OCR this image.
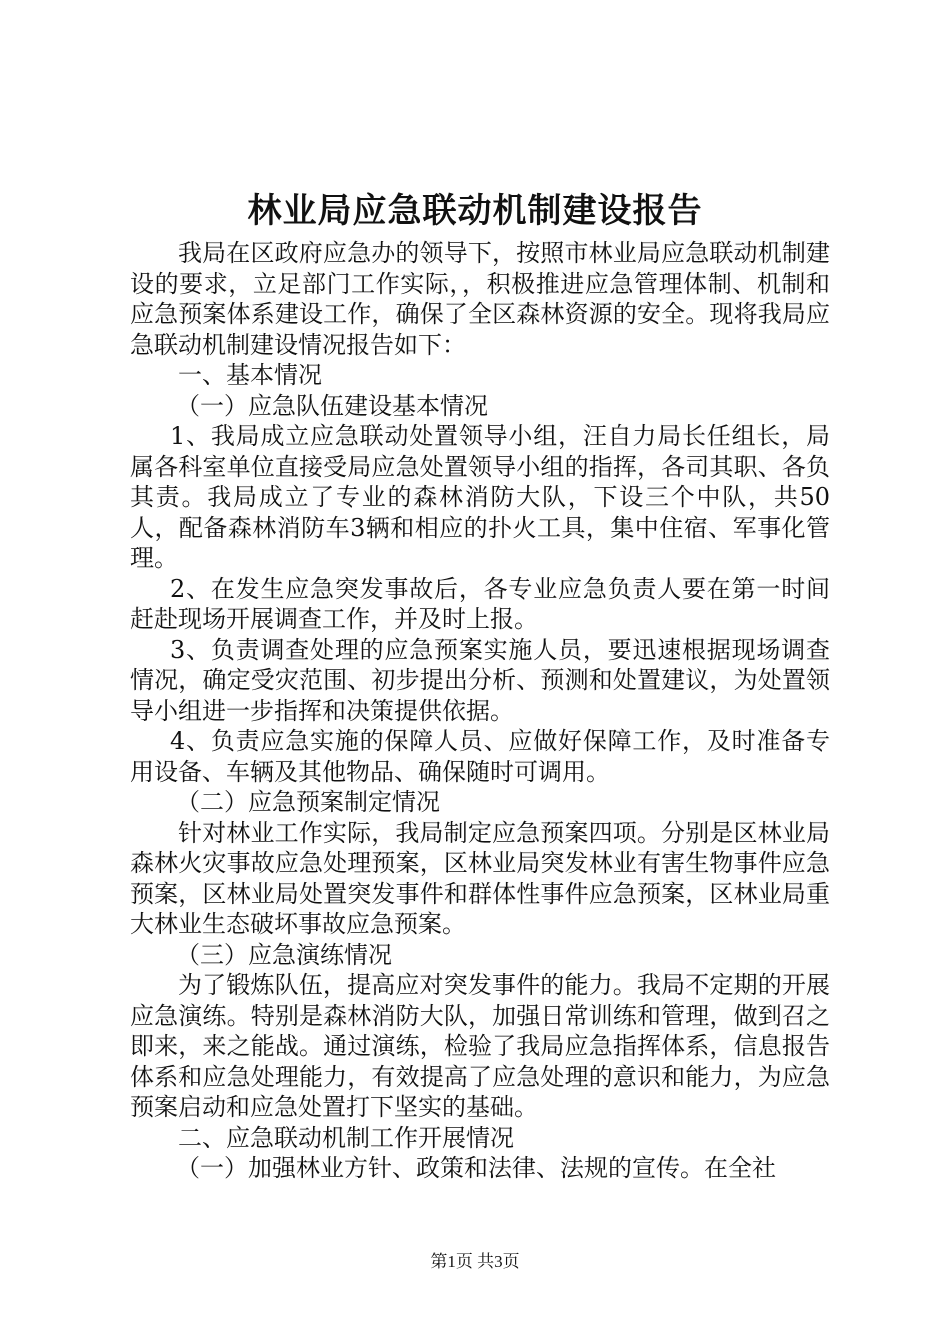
林业局应急联动机制建设报告

我局在区政府应急办的领导下，按照市林业局应急联动机制建设的要求，立足部门工作实际，，积极推进应急管理体制、机制和应急预案体系建设工作，确保了全区森林资源的安全。现将我局应急联动机制建设情况报告如下：

一、基本情况

（一）应急队伍建设基本情况

1、我局成立应急联动处置领导小组，汪自力局长任组长，局属各科室单位直接受局应急处置领导小组的指挥，各司其职、各负其责。我局成立了专业的森林消防大队，下设三个中队，共50人，配备森林消防车3辆和相应的扑火工具，集中住宿、军事化管理。

2、在发生应急突发事故后，各专业应急负责人要在第一时间赶赴现场开展调查工作，并及时上报。

3、负责调查处理的应急预案实施人员，要迅速根据现场调查情况，确定受灾范围、初步提出分析、预测和处置建议，为处置领导小组进一步指挥和决策提供依据。

4、负责应急实施的保障人员、应做好保障工作，及时准备专用设备、车辆及其他物品、确保随时可调用。

（二）应急预案制定情况

针对林业工作实际，我局制定应急预案四项。分别是区林业局森林火灾事故应急处理预案，区林业局突发林业有害生物事件应急预案，区林业局处置突发事件和群体性事件应急预案，区林业局重大林业生态破坏事故应急预案。

（三）应急演练情况

为了锻炼队伍，提高应对突发事件的能力。我局不定期的开展应急演练。特别是森林消防大队，加强日常训练和管理，做到召之即来，来之能战。通过演练，检验了我局应急指挥体系，信息报告体系和应急处理能力，有效提高了应急处理的意识和能力，为应急预案启动和应急处置打下坚实的基础。

二、应急联动机制工作开展情况

（一）加强林业方针、政策和法律、法规的宣传。在全社

第1页 共3页
